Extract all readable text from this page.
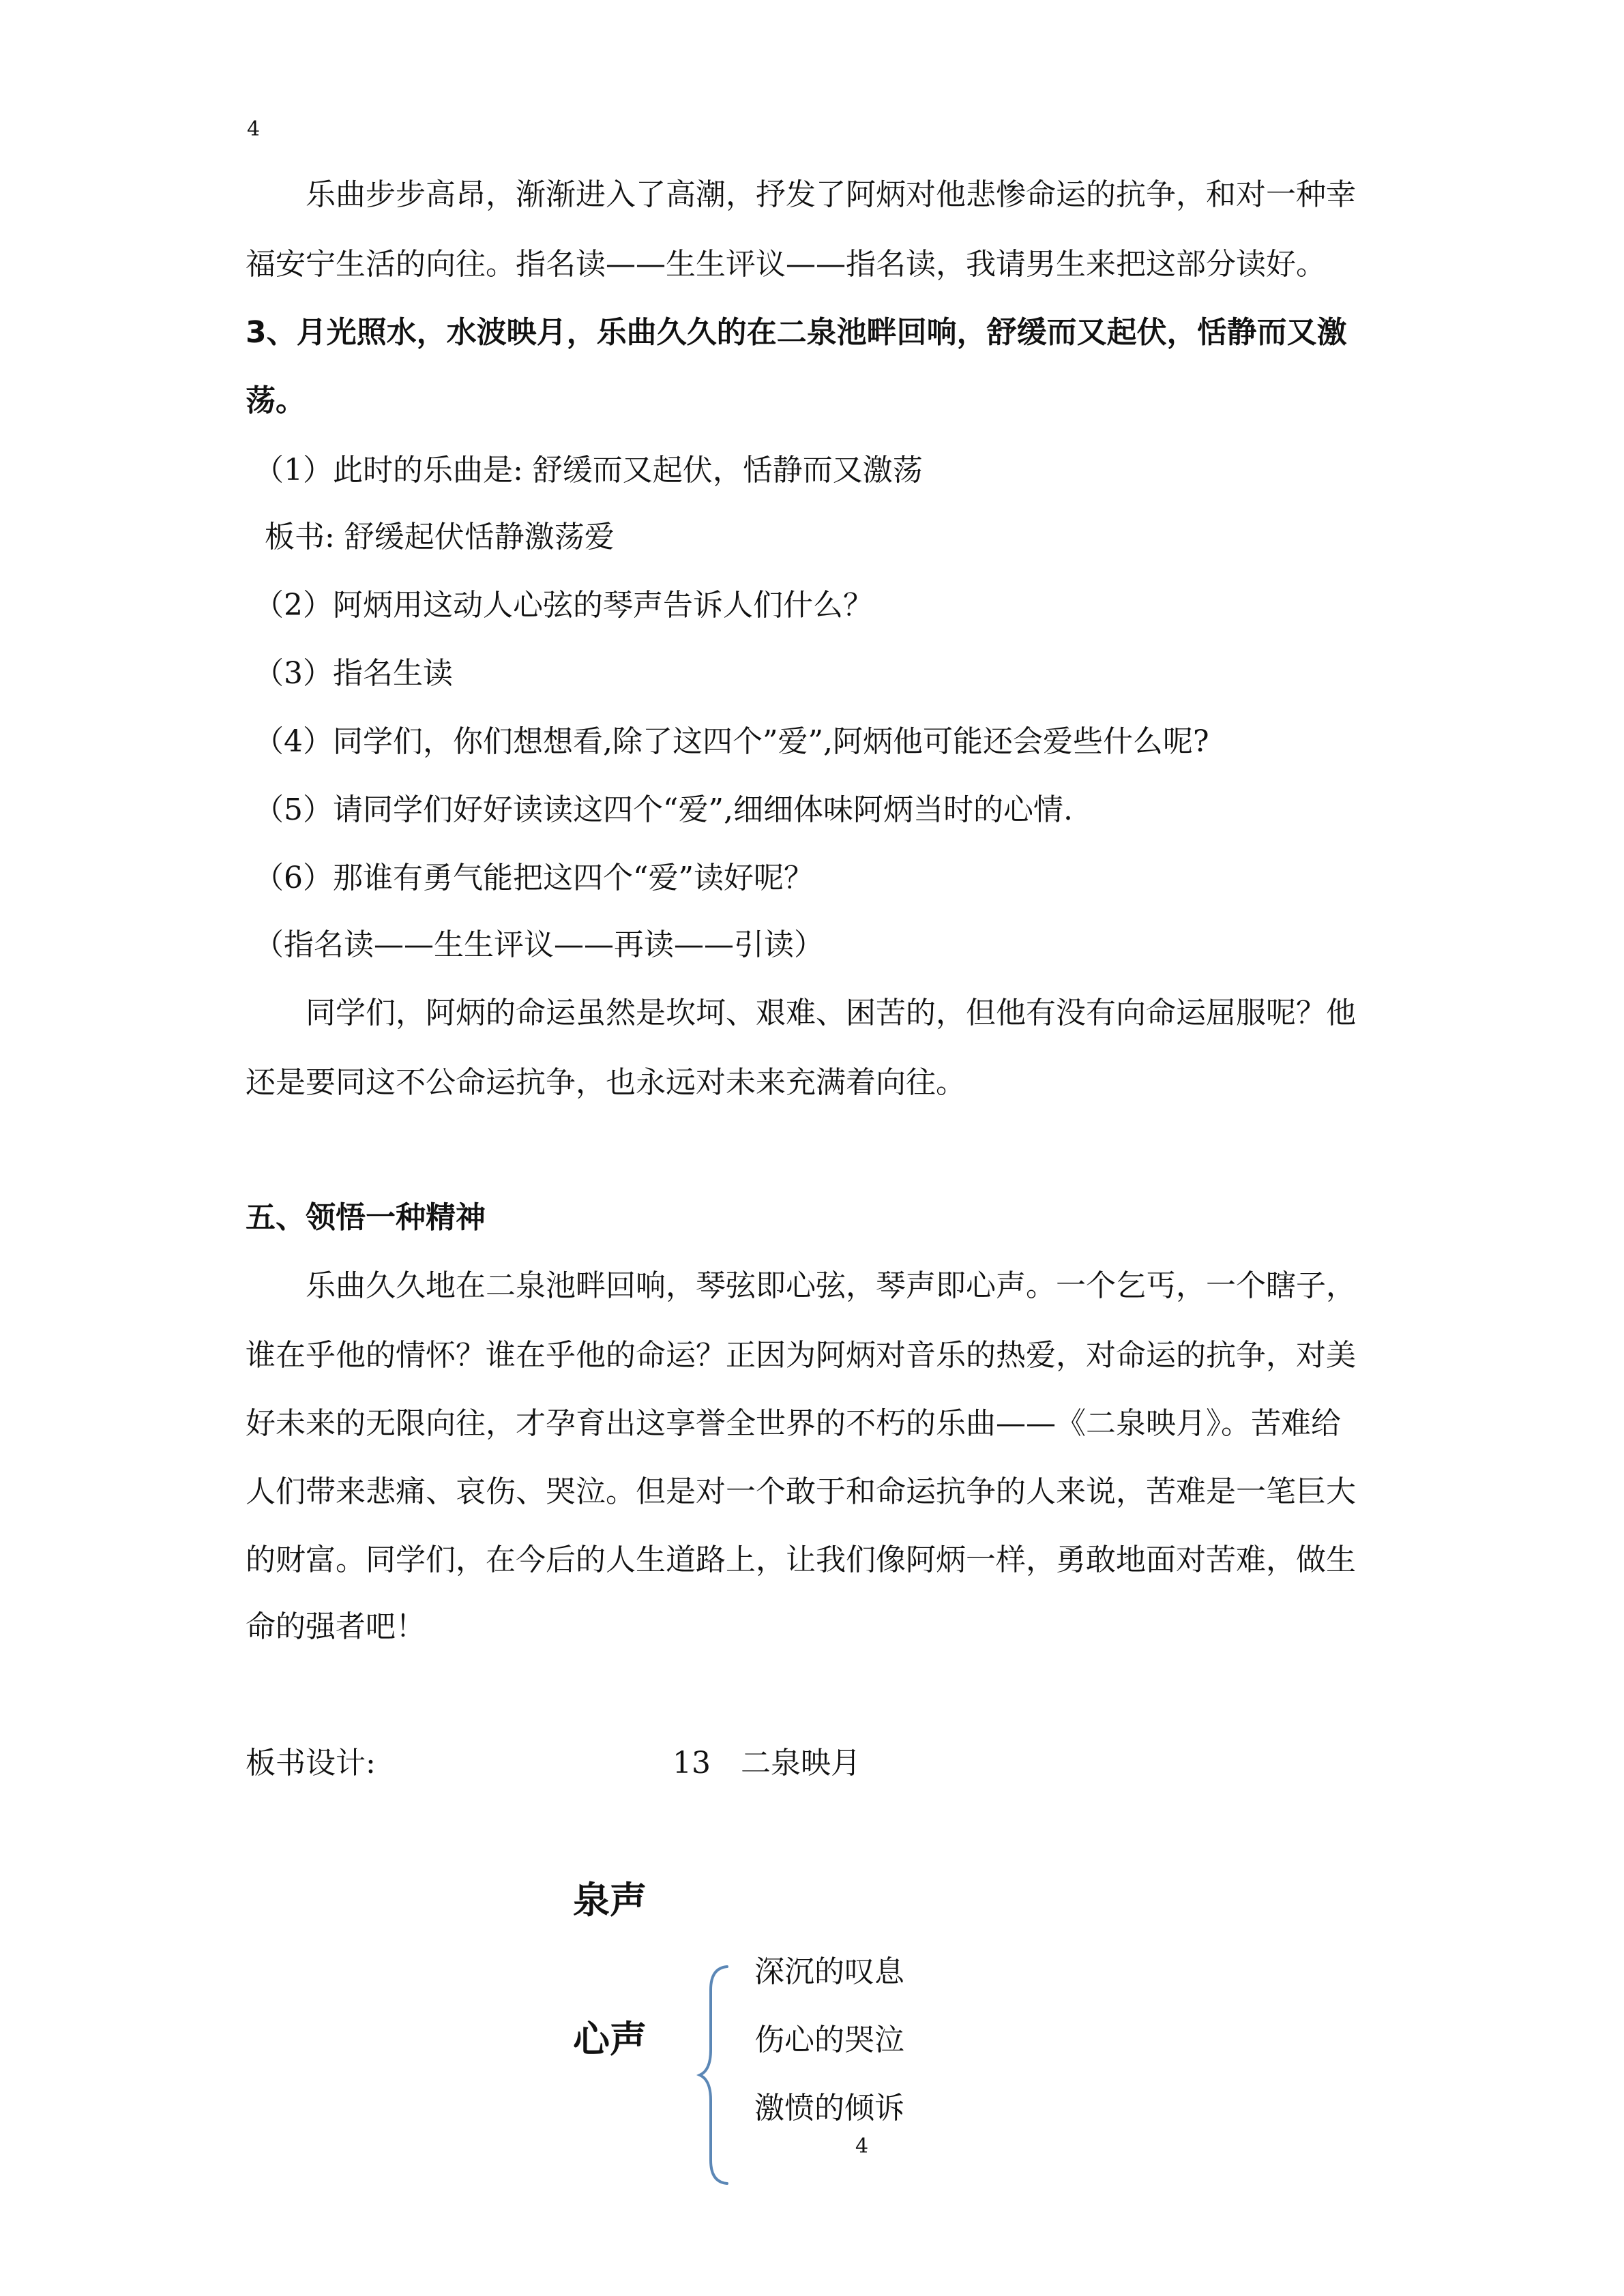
4
乐曲步步高昂，渐渐进入了高潮，抒发了阿炳对他悲惨命运的抗争，和对一种幸
福安宁生活的向往。指名读——生生评议——指名读，我请男生来把这部分读好。
3、月光照水，水波映月，乐曲久久的在二泉池畔回响，舒缓而又起伏，恬静而又激
荡。
（1）此时的乐曲是: 舒缓而又起伏，恬静而又激荡
板书: 舒缓起伏恬静激荡爱
（2）阿炳用这动人心弦的琴声告诉人们什么？
（3）指名生读
（4）同学们，你们想想看,除了这四个”爱”,阿炳他可能还会爱些什么呢?
（5）请同学们好好读读这四个“爱”,细细体味阿炳当时的心情.
（6）那谁有勇气能把这四个“爱”读好呢？
（指名读——生生评议——再读——引读）
同学们，阿炳的命运虽然是坎坷、艰难、困苦的，但他有没有向命运屈服呢？他
还是要同这不公命运抗争，也永远对未来充满着向往。
五、领悟一种精神
乐曲久久地在二泉池畔回响，琴弦即心弦，琴声即心声。一个乞丐，一个瞎子，
谁在乎他的情怀？谁在乎他的命运？正因为阿炳对音乐的热爱，对命运的抗争，对美
好未来的无限向往，才孕育出这享誉全世界的不朽的乐曲——《二泉映月》。苦难给
人们带来悲痛、哀伤、哭泣。但是对一个敢于和命运抗争的人来说，苦难是一笔巨大
的财富。同学们，在今后的人生道路上，让我们像阿炳一样，勇敢地面对苦难，做生
命的强者吧！
板书设计:	13　二泉映月
泉声
心声
深沉的叹息
伤心的哭泣
激愤的倾诉
4
